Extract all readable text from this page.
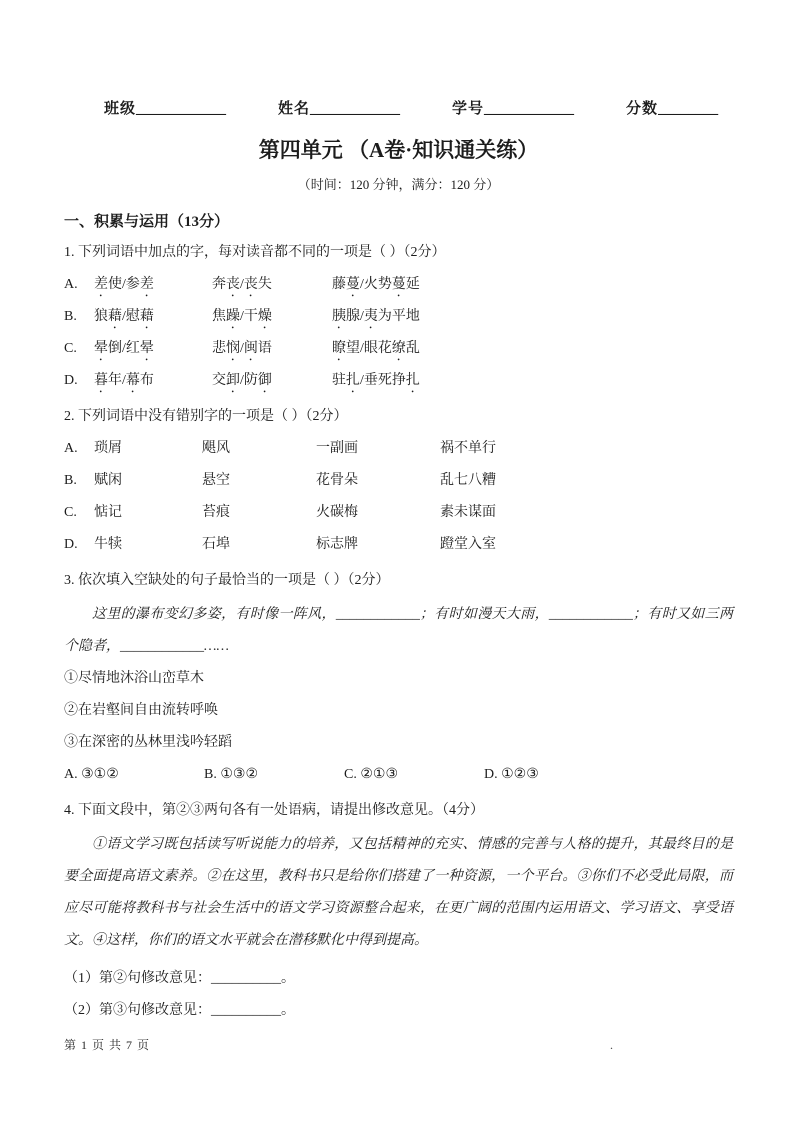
班级____________	姓名____________	学号____________	分数________
第四单元 （A卷·知识通关练）
（时间：120 分钟，满分：120 分）
一、积累与运用（13分）
1. 下列词语中加点的字，每对读音都不同的一项是（ ）（2分）
A.	差使/参差	奔丧/丧失	藤蔓/火势蔓延
B.	狼藉/慰藉	焦躁/干燥	胰腺/夷为平地
C.	晕倒/红晕	悲悯/闽语	瞭望/眼花缭乱
D.	暮年/幕布	交卸/防御	驻扎/垂死挣扎
2. 下列词语中没有错别字的一项是（ ）（2分）
A.	琐屑	飓风	一副画	祸不单行
B.	赋闲	悬空	花骨朵	乱七八糟
C.	惦记	苔痕	火碳梅	素未谋面
D.	牛犊	石埠	标志牌	蹬堂入室
3. 依次填入空缺处的句子最恰当的一项是（ ）（2分）

这里的瀑布变幻多姿，有时像一阵风，____________；有时如漫天大雨，____________；有时又如三两个隐者，____________……

①尽情地沐浴山峦草木
②在岩壑间自由流转呼唤
③在深密的丛林里浅吟轻蹈
A. ③①②	B. ①③②	C. ②①③	D. ①②③
4. 下面文段中，第②③两句各有一处语病，请提出修改意见。（4分）

①语文学习既包括读写听说能力的培养，又包括精神的充实、情感的完善与人格的提升，其最终目的是要全面提高语文素养。②在这里，教科书只是给你们搭建了一种资源，一个平台。③你们不必受此局限，而应尽可能将教科书与社会生活中的语文学习资源整合起来，在更广阔的范围内运用语文、学习语文、享受语文。④这样，你们的语文水平就会在潜移默化中得到提高。

（1）第②句修改意见：__________。
（2）第③句修改意见：__________。
第 1 页 共 7 页	.
